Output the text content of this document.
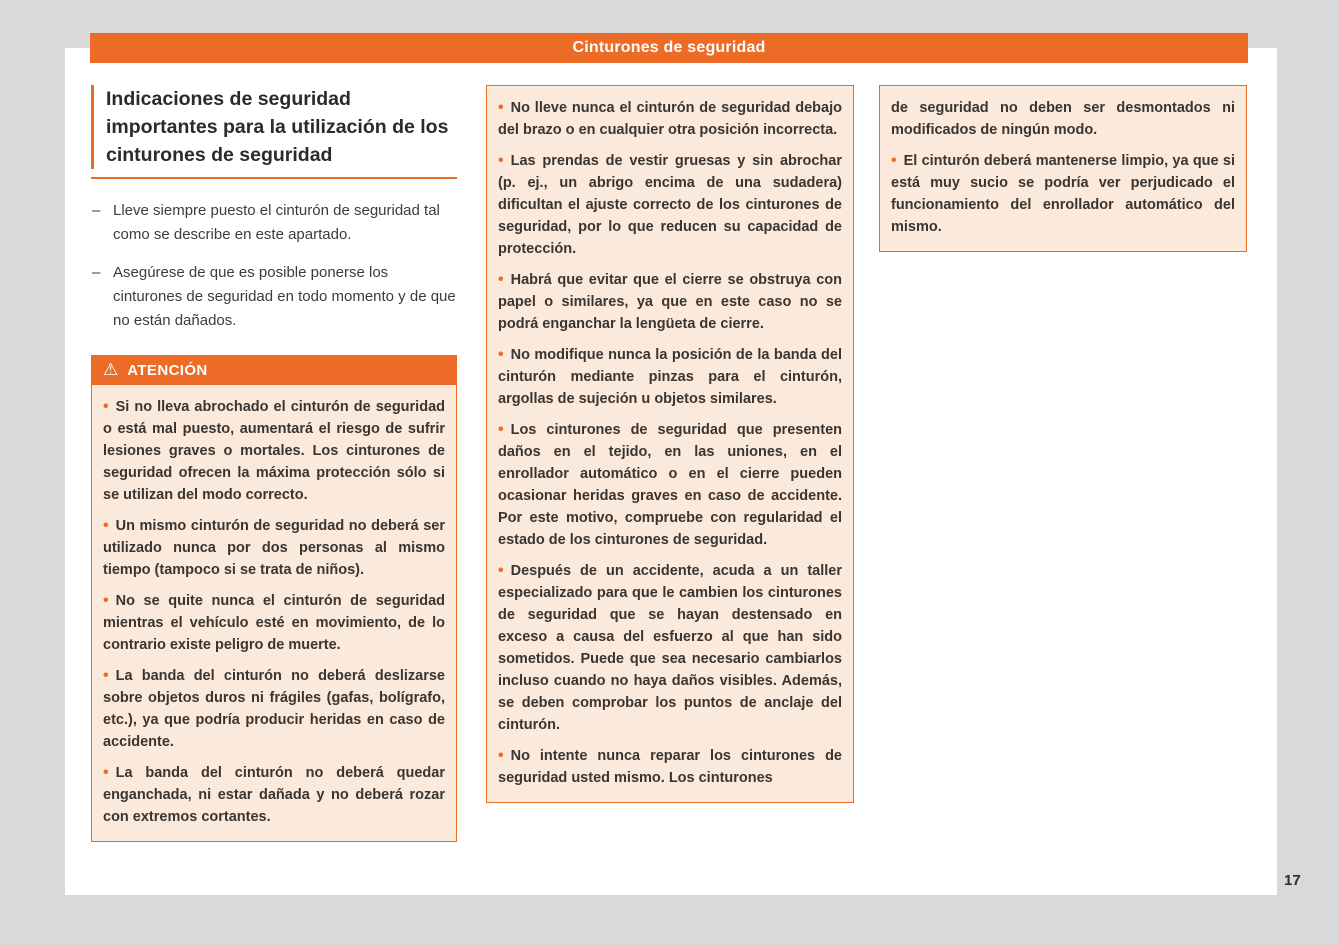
Cinturones de seguridad
Indicaciones de seguridad importantes para la utilización de los cinturones de seguridad

– Lleve siempre puesto el cinturón de seguridad tal como se describe en este apartado.

– Asegúrese de que es posible ponerse los cinturones de seguridad en todo momento y de que no están dañados.

⚠ ATENCIÓN

• Si no lleva abrochado el cinturón de seguridad o está mal puesto, aumentará el riesgo de sufrir lesiones graves o mortales. Los cinturones de seguridad ofrecen la máxima protección sólo si se utilizan del modo correcto.

• Un mismo cinturón de seguridad no deberá ser utilizado nunca por dos personas al mismo tiempo (tampoco si se trata de niños).

• No se quite nunca el cinturón de seguridad mientras el vehículo esté en movimiento, de lo contrario existe peligro de muerte.

• La banda del cinturón no deberá deslizarse sobre objetos duros ni frágiles (gafas, bolígrafo, etc.), ya que podría producir heridas en caso de accidente.

• La banda del cinturón no deberá quedar enganchada, ni estar dañada y no deberá rozar con extremos cortantes.

• No lleve nunca el cinturón de seguridad debajo del brazo o en cualquier otra posición incorrecta.

• Las prendas de vestir gruesas y sin abrochar (p. ej., un abrigo encima de una sudadera) dificultan el ajuste correcto de los cinturones de seguridad, por lo que reducen su capacidad de protección.

• Habrá que evitar que el cierre se obstruya con papel o similares, ya que en este caso no se podrá enganchar la lengüeta de cierre.

• No modifique nunca la posición de la banda del cinturón mediante pinzas para el cinturón, argollas de sujeción u objetos similares.

• Los cinturones de seguridad que presenten daños en el tejido, en las uniones, en el enrollador automático o en el cierre pueden ocasionar heridas graves en caso de accidente. Por este motivo, compruebe con regularidad el estado de los cinturones de seguridad.

• Después de un accidente, acuda a un taller especializado para que le cambien los cinturones de seguridad que se hayan destensado en exceso a causa del esfuerzo al que han sido sometidos. Puede que sea necesario cambiarlos incluso cuando no haya daños visibles. Además, se deben comprobar los puntos de anclaje del cinturón.

• No intente nunca reparar los cinturones de seguridad usted mismo. Los cinturones

de seguridad no deben ser desmontados ni modificados de ningún modo.

• El cinturón deberá mantenerse limpio, ya que si está muy sucio se podría ver perjudicado el funcionamiento del enrollador automático del mismo.

17
